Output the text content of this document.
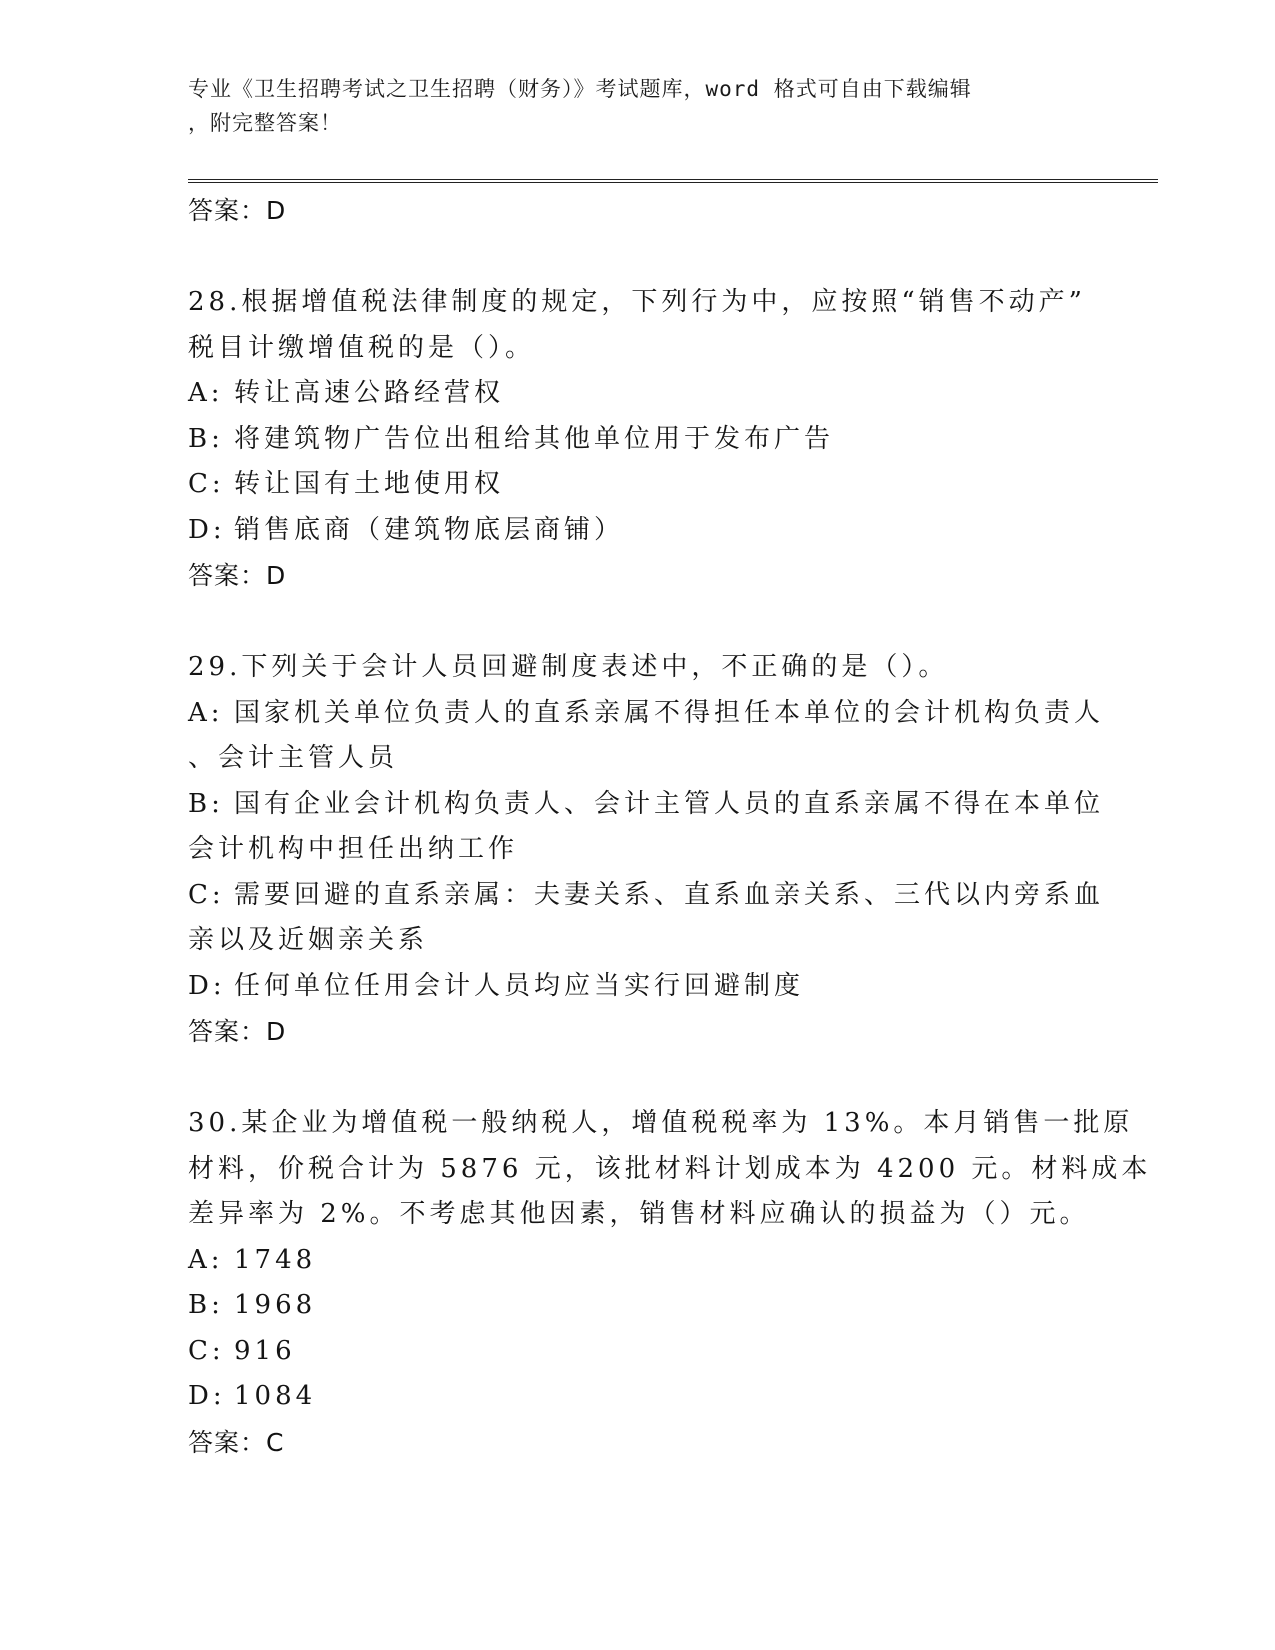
专业《卫生招聘考试之卫生招聘（财务）》考试题库，word 格式可自由下载编辑
，附完整答案！
答案：D
28.根据增值税法律制度的规定，下列行为中，应按照“销售不动产”
税目计缴增值税的是（）。
A: 转让高速公路经营权
B: 将建筑物广告位出租给其他单位用于发布广告
C: 转让国有土地使用权
D: 销售底商（建筑物底层商铺）
答案：D
29.下列关于会计人员回避制度表述中，不正确的是（）。
A: 国家机关单位负责人的直系亲属不得担任本单位的会计机构负责人
、会计主管人员
B: 国有企业会计机构负责人、会计主管人员的直系亲属不得在本单位
会计机构中担任出纳工作
C: 需要回避的直系亲属：夫妻关系、直系血亲关系、三代以内旁系血
亲以及近姻亲关系
D: 任何单位任用会计人员均应当实行回避制度
答案：D
30.某企业为增值税一般纳税人，增值税税率为 13%。本月销售一批原
材料，价税合计为 5876 元，该批材料计划成本为 4200 元。材料成本
差异率为 2%。不考虑其他因素，销售材料应确认的损益为（）元。
A: 1748
B: 1968
C: 916
D: 1084
答案：C
